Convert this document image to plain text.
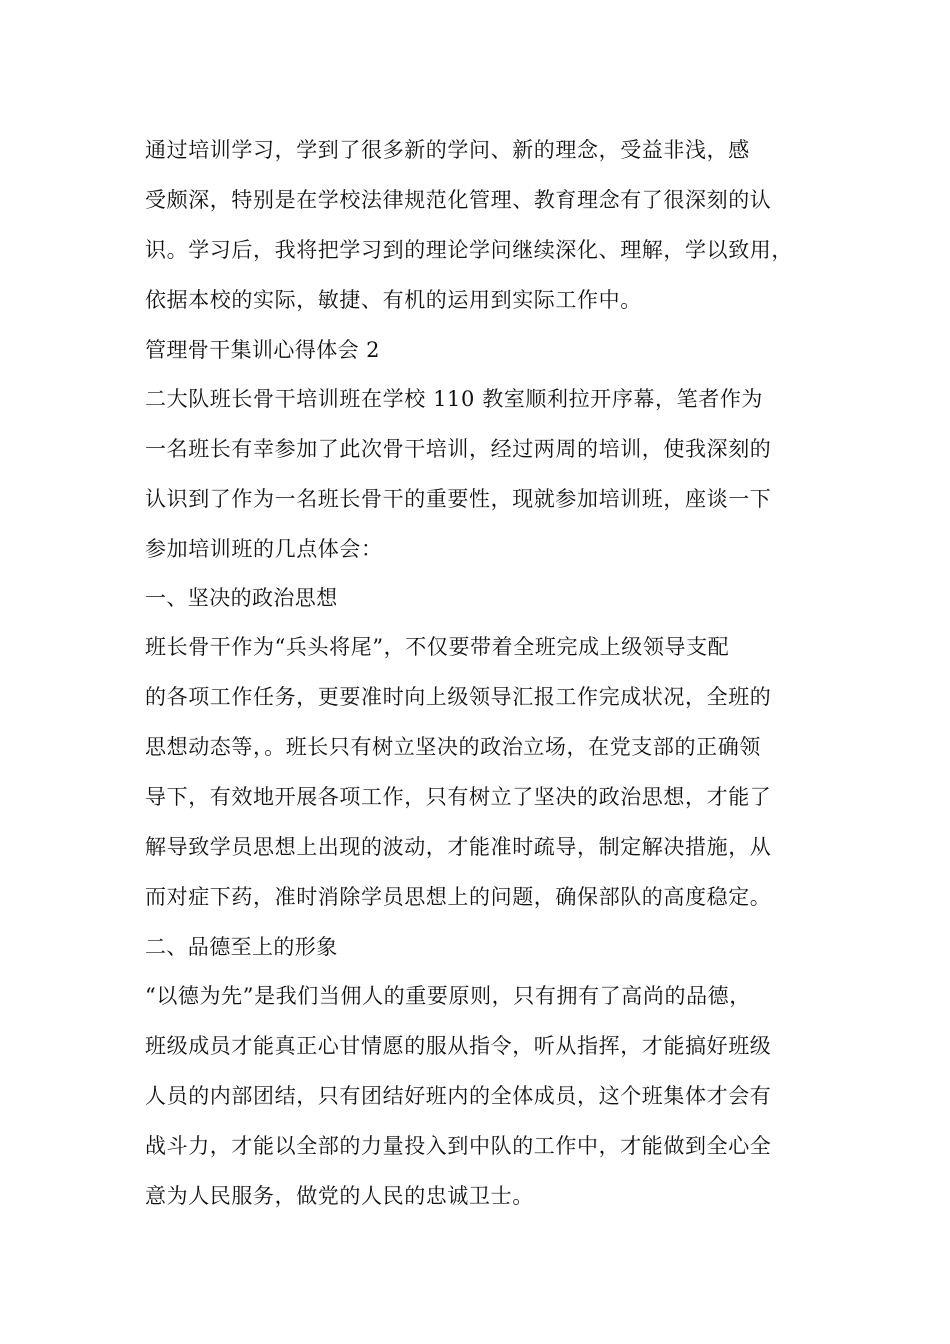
通过培训学习，学到了很多新的学问、新的理念，受益非浅，感
受颇深，特别是在学校法律规范化管理、教育理念有了很深刻的认
识。学习后，我将把学习到的理论学问继续深化、理解，学以致用，
依据本校的实际，敏捷、有机的运用到实际工作中。
管理骨干集训心得体会 2
二大队班长骨干培训班在学校 110 教室顺利拉开序幕，笔者作为
一名班长有幸参加了此次骨干培训，经过两周的培训，使我深刻的
认识到了作为一名班长骨干的重要性，现就参加培训班，座谈一下
参加培训班的几点体会：
一、坚决的政治思想
班长骨干作为“兵头将尾”，不仅要带着全班完成上级领导支配
的各项工作任务，更要准时向上级领导汇报工作完成状况，全班的
思想动态等，。班长只有树立坚决的政治立场，在党支部的正确领
导下，有效地开展各项工作，只有树立了坚决的政治思想，才能了
解导致学员思想上出现的波动，才能准时疏导，制定解决措施，从
而对症下药，准时消除学员思想上的问题，确保部队的高度稳定。
二、品德至上的形象
“以德为先”是我们当佣人的重要原则，只有拥有了高尚的品德，
班级成员才能真正心甘情愿的服从指令，听从指挥，才能搞好班级
人员的内部团结，只有团结好班内的全体成员，这个班集体才会有
战斗力，才能以全部的力量投入到中队的工作中，才能做到全心全
意为人民服务，做党的人民的忠诚卫士。
